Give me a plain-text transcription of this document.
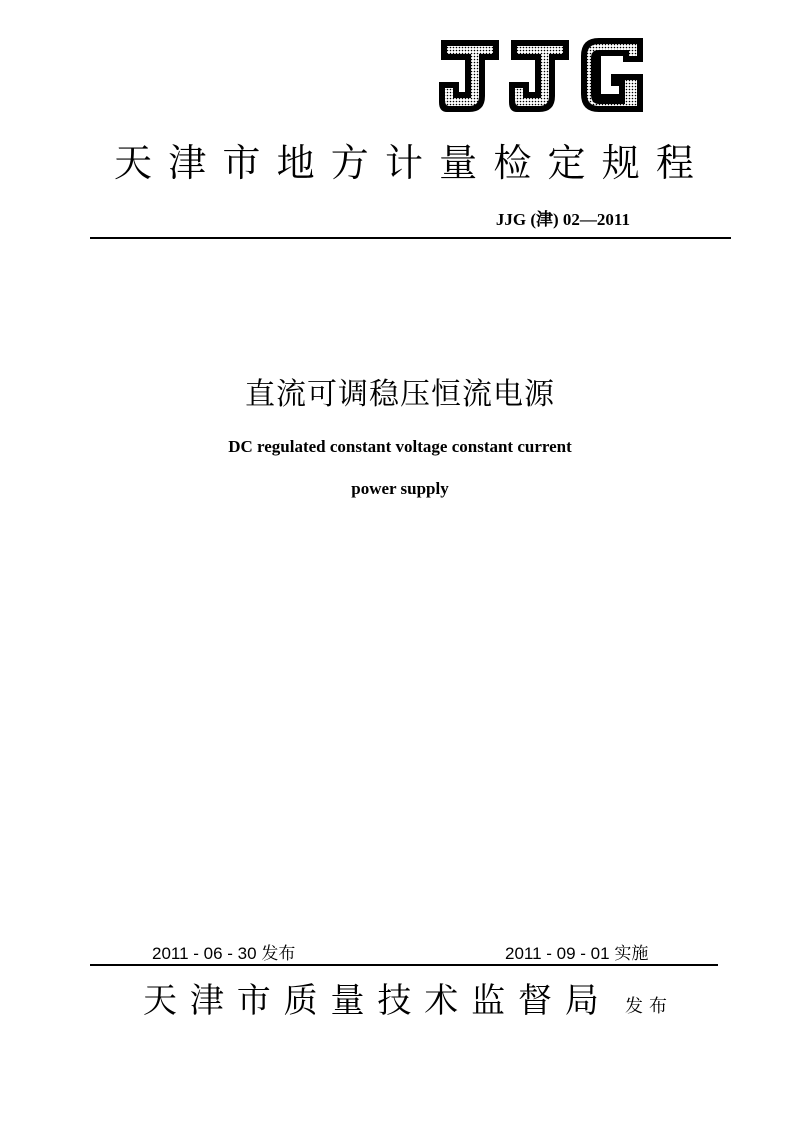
天 津 市 地 方 计 量 检 定 规 程
JJG (津) 02—2011
直流可调稳压恒流电源
DC regulated constant voltage constant current
power supply
2011 - 06 - 30 发布	2011 - 09 - 01 实施
天 津 市 质 量 技 术 监 督 局 发布
